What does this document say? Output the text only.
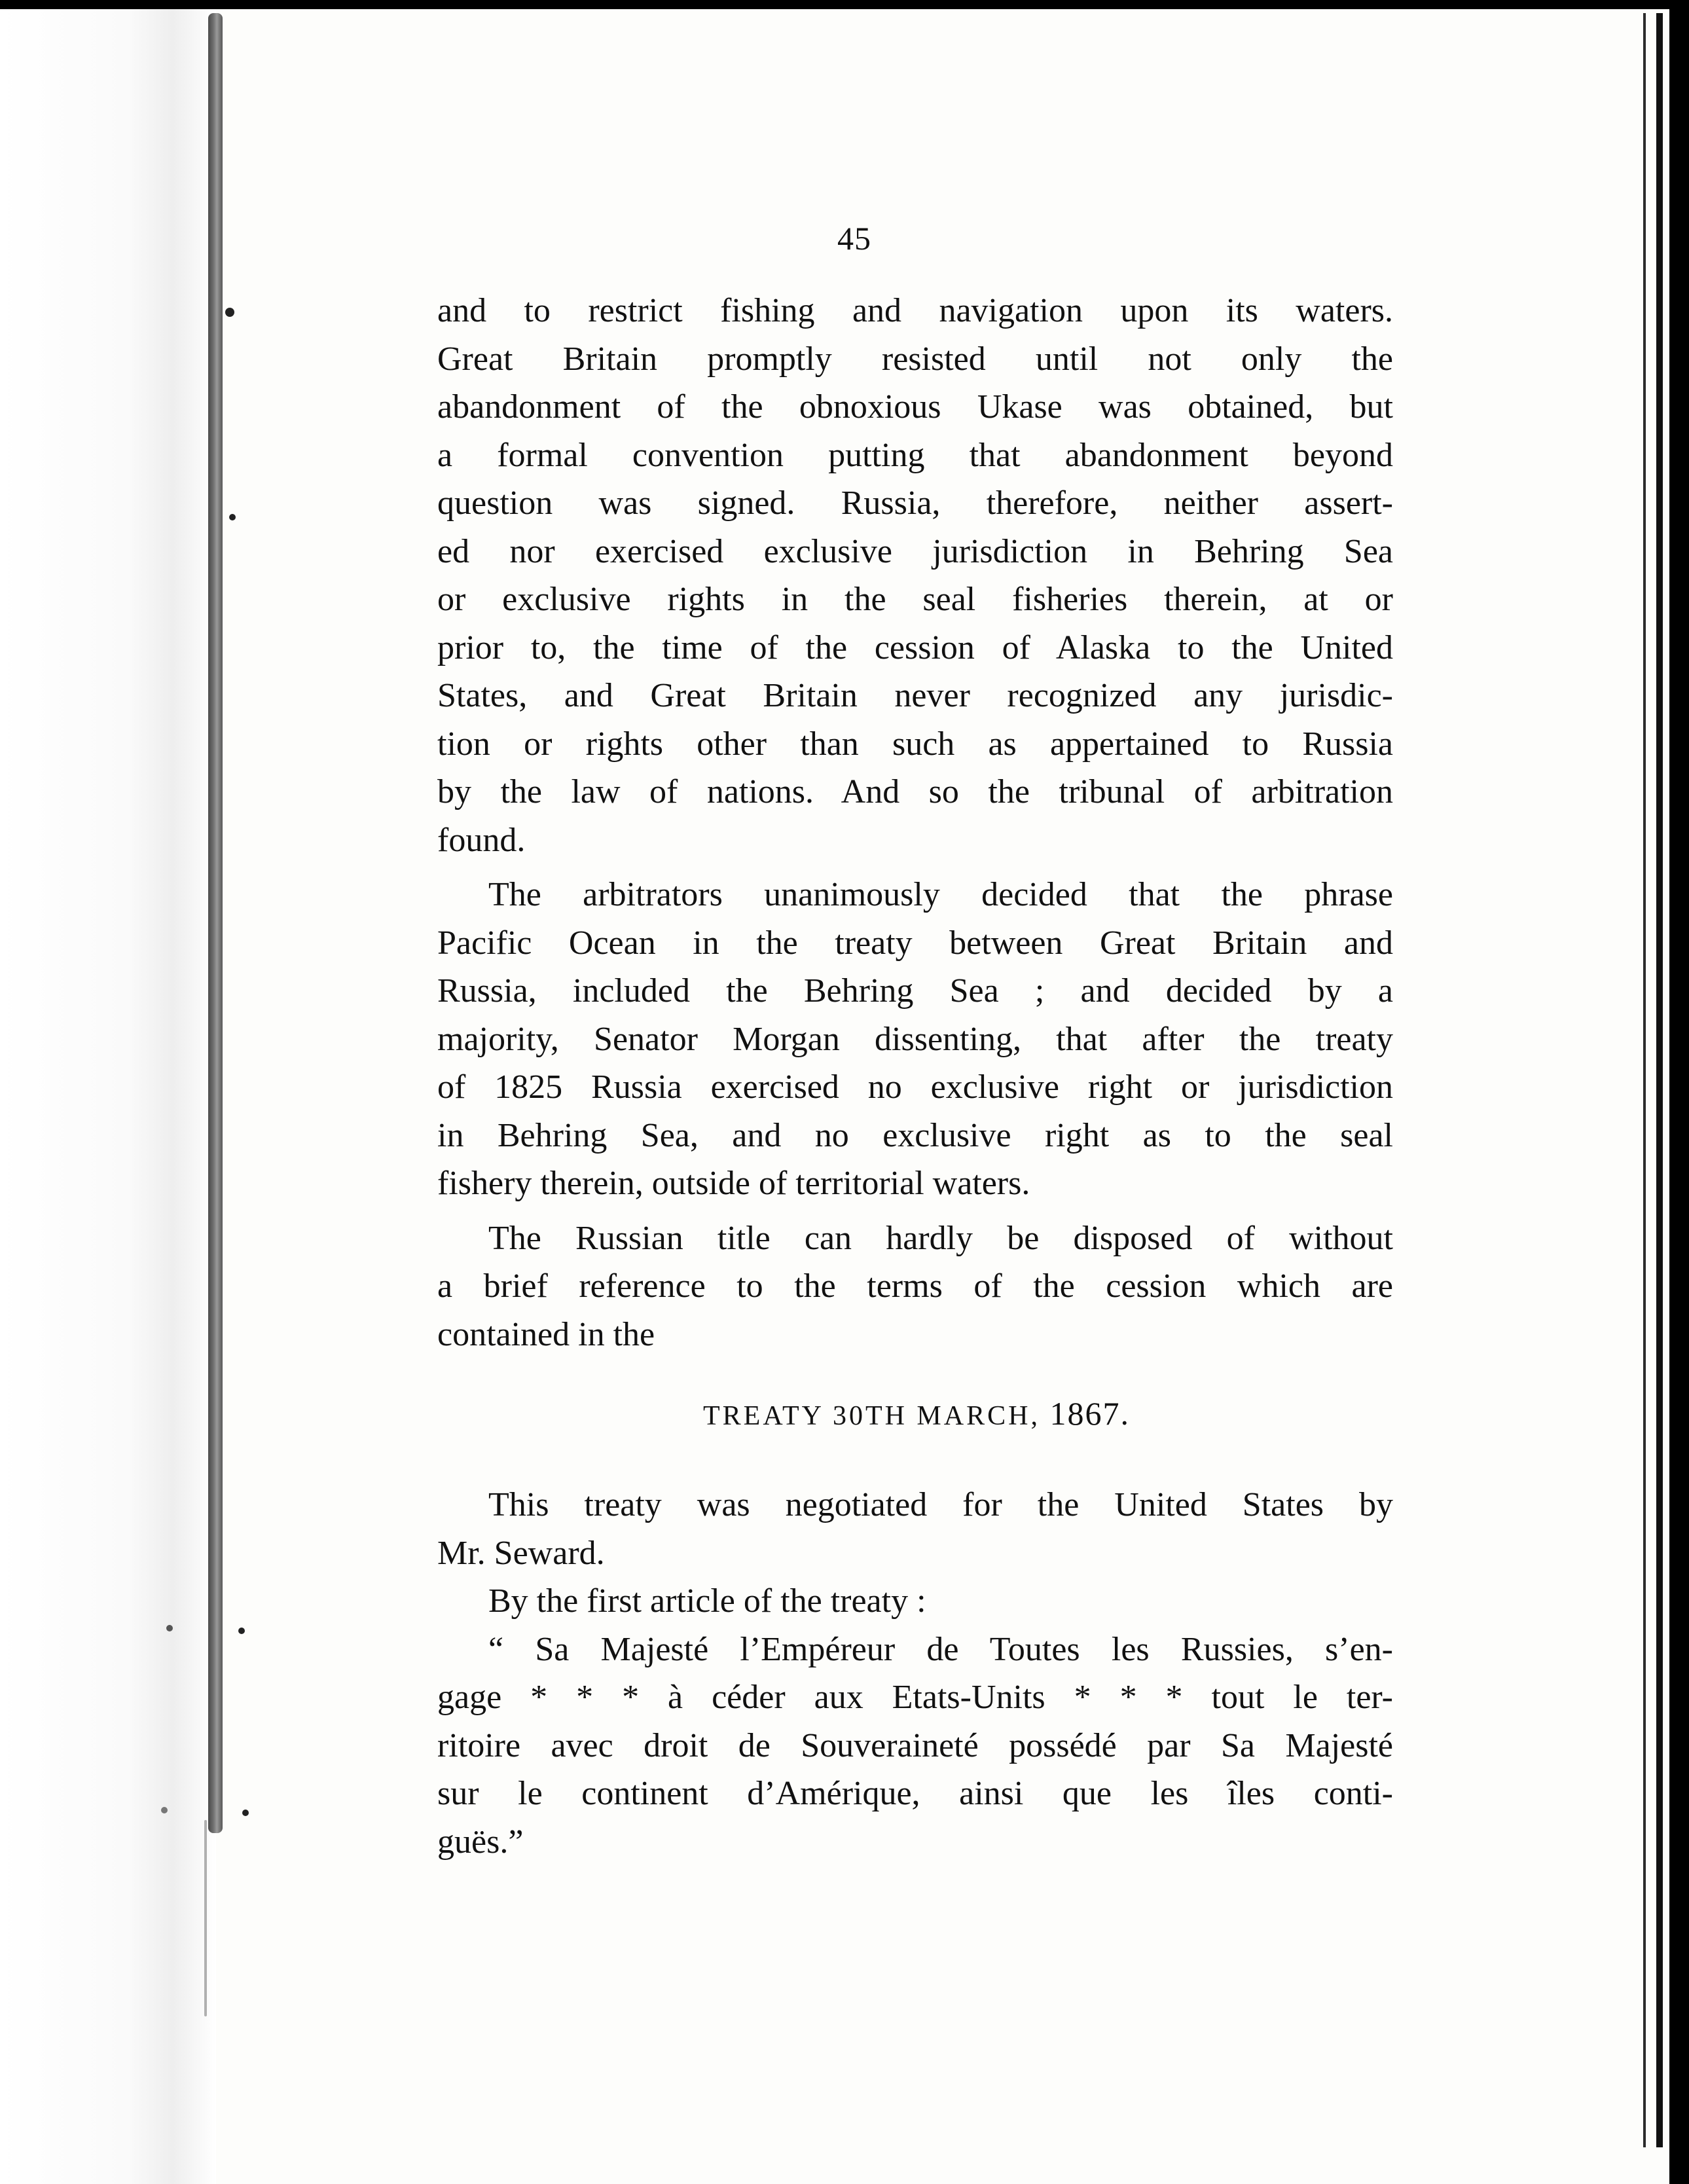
45
and to restrict fishing and navigation upon its waters.
Great Britain promptly resisted until not only the
abandonment of the obnoxious Ukase was obtained, but
a formal convention putting that abandonment beyond
question was signed. Russia, therefore, neither assert-
ed nor exercised exclusive jurisdiction in Behring Sea
or exclusive rights in the seal fisheries therein, at or
prior to, the time of the cession of Alaska to the United
States, and Great Britain never recognized any jurisdic-
tion or rights other than such as appertained to Russia
by the law of nations. And so the tribunal of arbitration
found.
The arbitrators unanimously decided that the phrase
Pacific Ocean in the treaty between Great Britain and
Russia, included the Behring Sea ; and decided by a
majority, Senator Morgan dissenting, that after the treaty
of 1825 Russia exercised no exclusive right or jurisdiction
in Behring Sea, and no exclusive right as to the seal
fishery therein, outside of territorial waters.
The Russian title can hardly be disposed of without
a brief reference to the terms of the cession which are
contained in the
TREATY 30TH MARCH, 1867.
This treaty was negotiated for the United States by
Mr. Seward.
By the first article of the treaty :
“ Sa Majesté l’Empéreur de Toutes les Russies, s’en-
gage * * * à céder aux Etats-Units * * * tout le ter-
ritoire avec droit de Souveraineté possédé par Sa Majesté
sur le continent d’Amérique, ainsi que les îles conti-
guës.”
